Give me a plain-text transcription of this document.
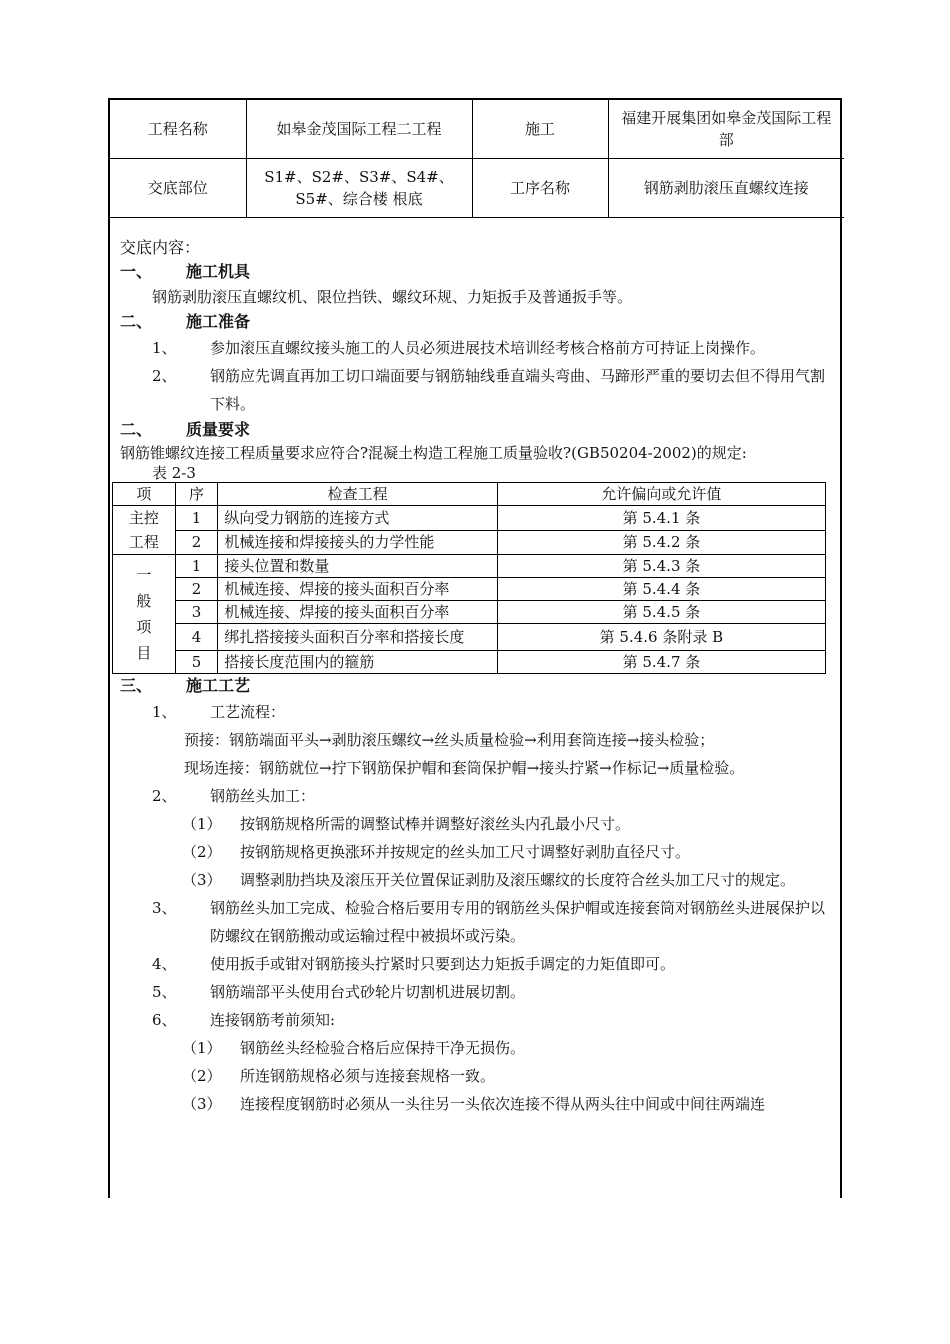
工程名称	如皋金茂国际工程二工程	施工	福建开展集团如皋金茂国际工程部
交底部位	S1#、S2#、S3#、S4#、S5#、综合楼 根底	工序名称	钢筋剥肋滚压直螺纹连接
交底内容：
一、	施工机具
钢筋剥肋滚压直螺纹机、限位挡铁、螺纹环规、力矩扳手及普通扳手等。
二、	施工准备
1、	参加滚压直螺纹接头施工的人员必须进展技术培训经考核合格前方可持证上岗操作。
2、	钢筋应先调直再加工切口端面要与钢筋轴线垂直端头弯曲、马蹄形严重的要切去但不得用气割下料。
二、	质量要求
钢筋锥螺纹连接工程质量要求应符合?混凝土构造工程施工质量验收?(GB50204-2002)的规定:
表 2-3
项	序	检查工程	允许偏向或允许值
主控工程	1	纵向受力钢筋的连接方式	第 5.4.1 条
	2	机械连接和焊接接头的力学性能	第 5.4.2 条

一
般
项
目	1	接头位置和数量	第 5.4.3 条
	2	机械连接、焊接的接头面积百分率	第 5.4.4 条
	3	机械连接、焊接的接头面积百分率	第 5.4.5 条
	4	绑扎搭接接头面积百分率和搭接长度	第 5.4.6 条附录 B
	5	搭接长度范围内的箍筋	第 5.4.7 条
三、	施工工艺
1、	工艺流程：
预接：钢筋端面平头→剥肋滚压螺纹→丝头质量检验→利用套筒连接→接头检验；
现场连接：钢筋就位→拧下钢筋保护帽和套筒保护帽→接头拧紧→作标记→质量检验。
2、	钢筋丝头加工：
（1）	按钢筋规格所需的调整试棒并调整好滚丝头内孔最小尺寸。
（2）	按钢筋规格更换涨环并按规定的丝头加工尺寸调整好剥肋直径尺寸。
（3）	调整剥肋挡块及滚压开关位置保证剥肋及滚压螺纹的长度符合丝头加工尺寸的规定。
3、	钢筋丝头加工完成、检验合格后要用专用的钢筋丝头保护帽或连接套筒对钢筋丝头进展保护以防螺纹在钢筋搬动或运输过程中被损坏或污染。
4、	使用扳手或钳对钢筋接头拧紧时只要到达力矩扳手调定的力矩值即可。
5、	钢筋端部平头使用台式砂轮片切割机进展切割。
6、	连接钢筋考前须知:
（1）	钢筋丝头经检验合格后应保持干净无损伤。
（2）	所连钢筋规格必须与连接套规格一致。
（3）	连接程度钢筋时必须从一头往另一头依次连接不得从两头往中间或中间往两端连
